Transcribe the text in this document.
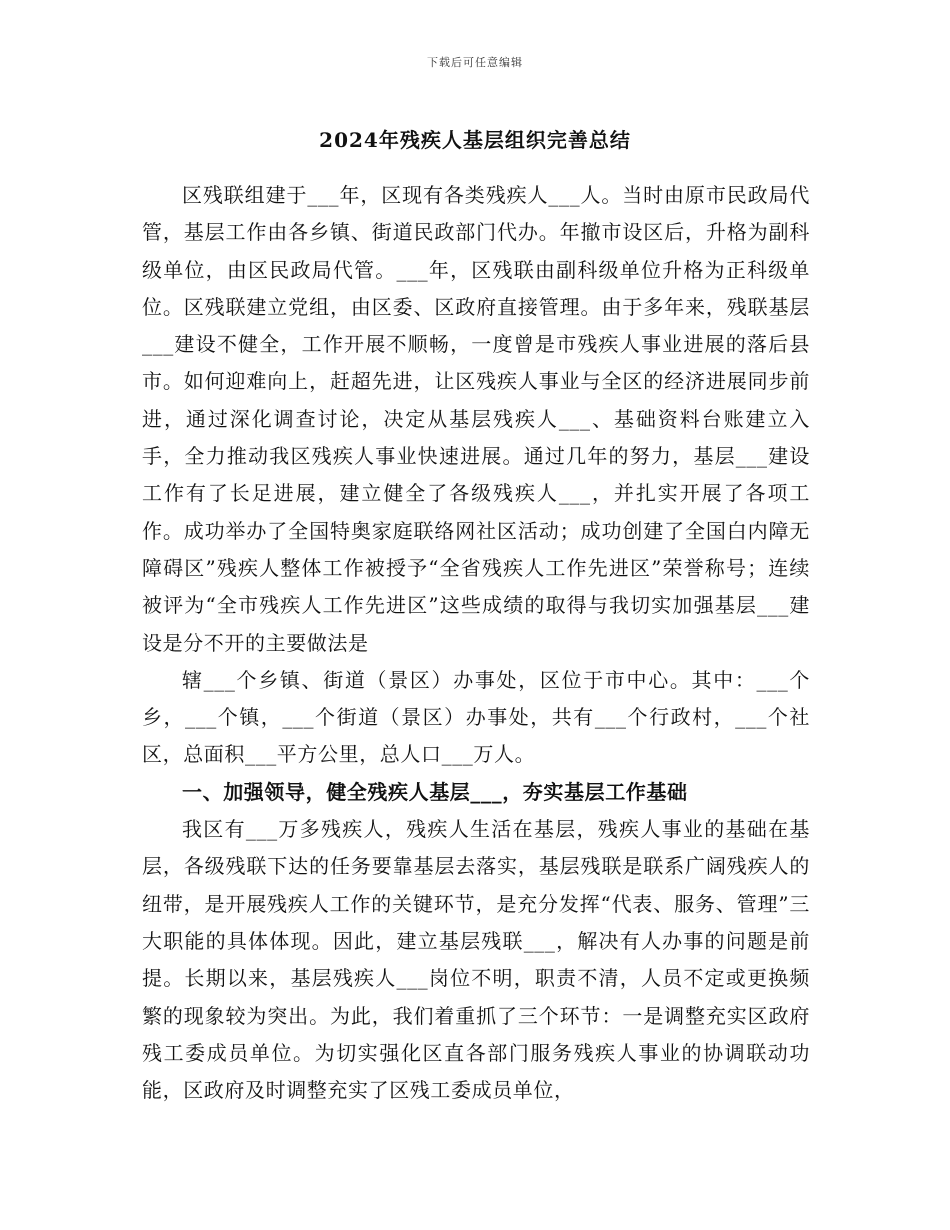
下载后可任意编辑
2024年残疾人基层组织完善总结

区残联组建于___年，区现有各类残疾人___人。当时由原市民政局代管，基层工作由各乡镇、街道民政部门代办。年撤市设区后，升格为副科级单位，由区民政局代管。___年，区残联由副科级单位升格为正科级单位。区残联建立党组，由区委、区政府直接管理。由于多年来，残联基层___建设不健全，工作开展不顺畅，一度曾是市残疾人事业进展的落后县市。如何迎难向上，赶超先进，让区残疾人事业与全区的经济进展同步前进，通过深化调查讨论，决定从基层残疾人___、基础资料台账建立入手，全力推动我区残疾人事业快速进展。通过几年的努力，基层___建设工作有了长足进展，建立健全了各级残疾人___，并扎实开展了各项工作。成功举办了全国特奥家庭联络网社区活动；成功创建了全国白内障无障碍区”残疾人整体工作被授予“全省残疾人工作先进区”荣誉称号；连续被评为“全市残疾人工作先进区”这些成绩的取得与我切实加强基层___建设是分不开的主要做法是

辖___个乡镇、街道（景区）办事处，区位于市中心。其中：___个乡，___个镇，___个街道（景区）办事处，共有___个行政村，___个社区，总面积___平方公里，总人口___万人。

一、加强领导，健全残疾人基层___，夯实基层工作基础

我区有___万多残疾人，残疾人生活在基层，残疾人事业的基础在基层，各级残联下达的任务要靠基层去落实，基层残联是联系广阔残疾人的纽带，是开展残疾人工作的关键环节，是充分发挥“代表、服务、管理”三大职能的具体体现。因此，建立基层残联___，解决有人办事的问题是前提。长期以来，基层残疾人___岗位不明，职责不清，人员不定或更换频繁的现象较为突出。为此，我们着重抓了三个环节：一是调整充实区政府残工委成员单位。为切实强化区直各部门服务残疾人事业的协调联动功能，区政府及时调整充实了区残工委成员单位，
